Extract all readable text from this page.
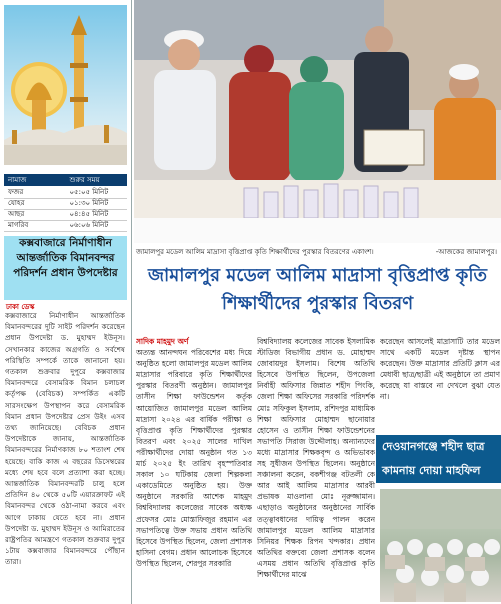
নামাজ	শুরুর সময়
ফজর	০৫:০৫ মিনিট
যোহর	০১:৩০ মিনিট
আছর	০৪:৪৫ মিনিট
মাগরিব	০৬:০৬ মিনিট
কক্সবাজারে নির্মাণাধীন আন্তর্জাতিক বিমানবন্দর পরিদর্শন প্রধান উপদেষ্টার
ঢাকা ডেস্ক
কক্সবাজারে নির্মাণাধীন আন্তর্জাতিক বিমানবন্দরের দুটি সাইট পরিদর্শন করেছেন প্রধান উপদেষ্টা ড. মুহাম্মদ ইউনূস। সেখানকার কাজের অগ্রগতি ও সর্বশেষ পরিস্থিতি সম্পর্কে তাকে জানানো হয়। গতকাল শুক্রবার দুপুরে কক্সবাজার বিমানবন্দরে বেসামরিক বিমান চলাচল কর্তৃপক্ষ (বেবিচক) সম্পর্কিত একটি সারসংক্ষেপ উপস্থাপন করে বেসামরিক বিমান প্রধান উপদেষ্টার প্রেস উইং এসব তথ্য জানিয়েছে। বেবিচক প্রধান উপদেষ্টাকে জানায়, আন্তর্জাতিক বিমানবন্দরের নির্মাণকাজ ৮০ শতাংশ শেষ হয়েছে। বাকি কাজ এ বছরের ডিসেম্বরের মধ্যে শেষ হবে বলে প্রত্যাশা করা হচ্ছে। আন্তর্জাতিক বিমানবন্দরটি চালু হলে প্রতিদিন ৪০ থেকে ৫০টি এয়ারক্রাফট এই বিমানবন্দর থেকে ওঠা-নামা করবে এবং আগে ঢাকায় যেতে হবে না। প্রধান উপদেষ্টা ড. মুহাম্মদ ইউনূস ও আমিরাতের রাষ্ট্রপতির আমন্ত্রণে গতকাল শুক্রবার দুপুর ১টায় কক্সবাজার বিমানবন্দরে পৌঁছান তারা।
জামালপুর মডেল আলিম মাদ্রাসা বৃত্তিপ্রাপ্ত কৃতি শিক্ষার্থীদের পুরস্কার বিতরণের একাংশ।	-আজকের জামালপুর।
জামালপুর মডেল আলিম মাদ্রাসা বৃত্তিপ্রাপ্ত কৃতি
শিক্ষার্থীদের পুরস্কার বিতরণ
সাদিক মাহমুদ অর্ণ
অত্যন্ত আনন্দঘন পরিবেশের মধ্য দিয়ে অনুষ্ঠিত হলো জামালপুর মডেল আলিম মাদ্রাসার পরিবারে কৃতি শিক্ষার্থীদের পুরস্কার বিতরণী অনুষ্ঠান। জামালপুর তাসীন শিক্ষা ফাউন্ডেশন কর্তৃক আয়োজিত জামালপুর মডেল আলিম মাদ্রাসা ২০২৪ এর বার্ষিক পরীক্ষা ও বৃত্তিপ্রাপ্ত কৃতি শিক্ষার্থীদের পুরস্কার বিতরণ এবং ২০২৫ সালের দাখিল পরীক্ষার্থীদের দোয়া অনুষ্ঠান গত ১৩ মার্চ ২০২৫ ইং তারিখ বৃহস্পতিবার সকাল ১০ ঘটিকায় জেলা শিল্পকলা একাডেমিতে অনুষ্ঠিত হয়। উক্ত অনুষ্ঠানে সরকারি আশেক মাহমুদ বিশ্ববিদ্যালয় কলেজের সাবেক অধ্যক্ষ প্রফেসর মোঃ মোস্তাফিজুর রহমান এর সভাপতিত্বে উক্ত সভায় প্রধান অতিথি হিসেবে উপস্থিত ছিলেন, জেলা প্রশাসক হাসিনা বেগম। প্রধান আলোচক হিসেবে উপস্থিত ছিলেন, শেরপুর সরকারি
বিশ্ববিদ্যালয় কলেজের সাবেক ইসলামিক স্টাডিজ বিভাগীয় প্রধান ড. মোহাম্মদ জোবায়দুর ইসলাম। বিশেষ অতিথি হিসেবে উপস্থিত ছিলেন, উপজেলা নির্বাহী অফিসার জিন্নাত শহীদ পিংকি, জেলা শিক্ষা অফিসের সরকারি পরিদর্শক মোঃ সফিকুল ইসলাম, রশিদপুর মাধ্যমিক শিক্ষা অফিসার মোহাম্মদ ছানোয়ার হোসেন ও তাসীন শিক্ষা ফাউন্ডেশনের সভাপতি সিরাজ উদ্দৌলাহ। অন্যান্যদের মধ্যে মাদ্রাসার শিক্ষকবৃন্দ ও অভিভাবক সহ সুধীজন উপস্থিত ছিলেন। অনুষ্ঠানে সঞ্চালনা করেন, বকশীগঞ্জ বটতলী কে আর আই আলিম মাদ্রাসার আরবী প্রভাষক মাওলানা মোঃ নূরুজ্জামান। এছাড়াও অনুষ্ঠানের অনুষ্ঠানের সার্বিক তত্ত্বাবধানের দায়িত্ব পালন করেন জামালপুর মডেল আলিম মাদ্রাসার সিনিয়র শিক্ষক রিপন খন্দকার। প্রধান অতিথির বক্তব্যে জেলা প্রশাসক বলেন এসময় প্রধান অতিথি বৃত্তিপ্রাপ্ত কৃতি শিক্ষার্থীদের মাঝে
করেছেন আসলেই মাদ্রাসাটি তার মডেল সাথে একটি মডেল দৃষ্টান্ত স্থাপন করেছেন। উক্ত মাদ্রাসার প্রতিটি ক্লাস এর মেধাবী ছাত্র/ছাত্রী এই অনুষ্ঠানে তা প্রমাণ করেছে যা বাস্তবে না দেখলে বুঝা যেত না।
দেওয়ানগঞ্জে শহীদ ছাত্র
কামনায় দোয়া মাহফিল
